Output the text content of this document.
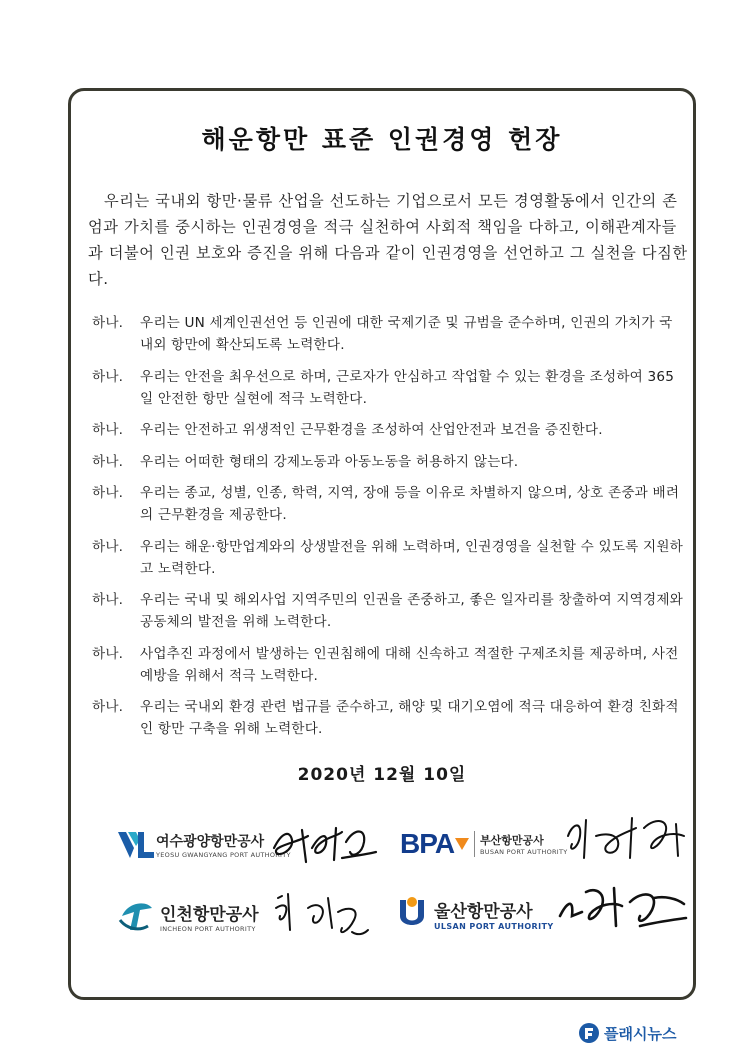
해운항만 표준 인권경영 헌장

우리는 국내외 항만·물류 산업을 선도하는 기업으로서 모든 경영활동에서 인간의 존엄과 가치를 중시하는 인권경영을 적극 실천하여 사회적 책임을 다하고, 이해관계자들과 더불어 인권 보호와 증진을 위해 다음과 같이 인권경영을 선언하고 그 실천을 다짐한다.

하나.	우리는 UN 세계인권선언 등 인권에 대한 국제기준 및 규범을 준수하며, 인권의 가치가 국내외 항만에 확산되도록 노력한다.
하나.	우리는 안전을 최우선으로 하며, 근로자가 안심하고 작업할 수 있는 환경을 조성하여 365일 안전한 항만 실현에 적극 노력한다.
하나.	우리는 안전하고 위생적인 근무환경을 조성하여 산업안전과 보건을 증진한다.
하나.	우리는 어떠한 형태의 강제노동과 아동노동을 허용하지 않는다.
하나.	우리는 종교, 성별, 인종, 학력, 지역, 장애 등을 이유로 차별하지 않으며, 상호 존중과 배려의 근무환경을 제공한다.
하나.	우리는 해운·항만업계와의 상생발전을 위해 노력하며, 인권경영을 실천할 수 있도록 지원하고 노력한다.
하나.	우리는 국내 및 해외사업 지역주민의 인권을 존중하고, 좋은 일자리를 창출하여 지역경제와 공동체의 발전을 위해 노력한다.
하나.	사업추진 과정에서 발생하는 인권침해에 대해 신속하고 적절한 구제조치를 제공하며, 사전예방을 위해서 적극 노력한다.
하나.	우리는 국내외 환경 관련 법규를 준수하고, 해양 및 대기오염에 적극 대응하여 환경 친화적인 항만 구축을 위해 노력한다.
2020년 12월 10일
여수광양항만공사
YEOSU GWANGYANG PORT AUTHORITY	BPA 부산항만공사
BUSAN PORT AUTHORITY
인천항만공사
INCHEON PORT AUTHORITY
울산항만공사
ULSAN PORT AUTHORITY
플래시뉴스
